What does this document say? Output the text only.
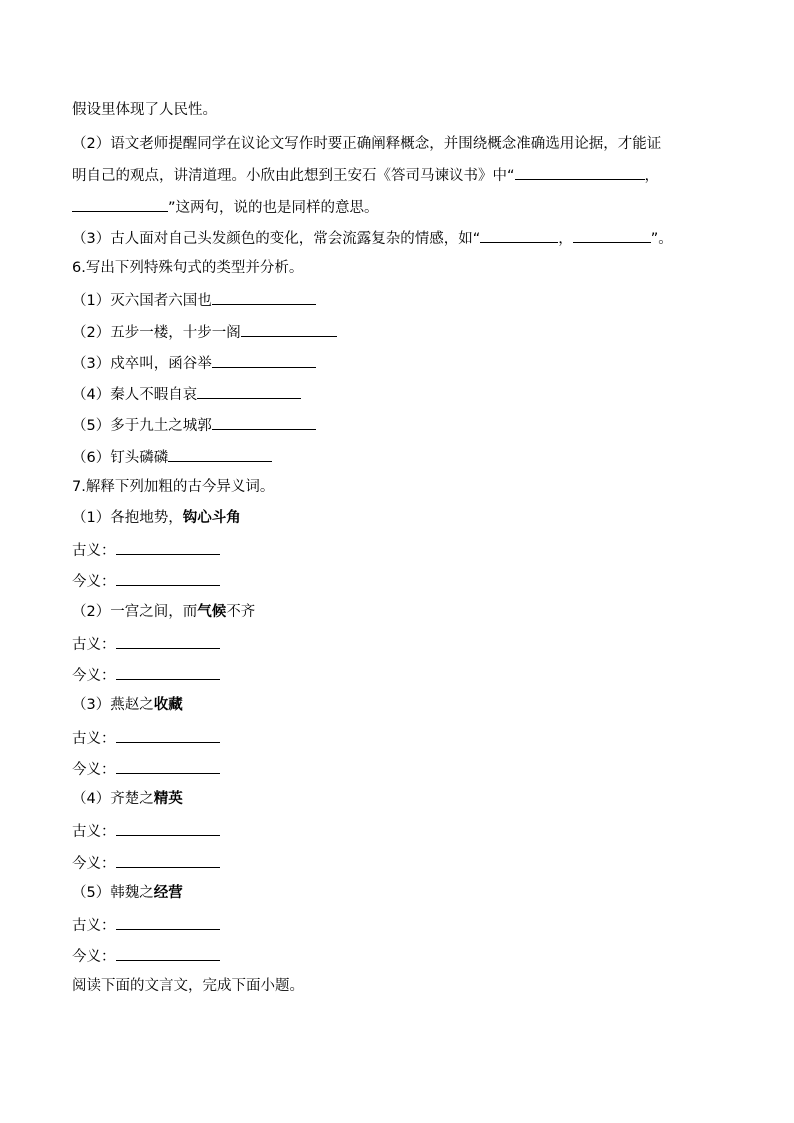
假设里体现了人民性。
（2）语文老师提醒同学在议论文写作时要正确阐释概念，并围绕概念准确选用论据，才能证
明自己的观点，讲清道理。小欣由此想到王安石《答司马谏议书》中“	，
”这两句，说的也是同样的意思。
（3）古人面对自己头发颜色的变化，常会流露复杂的情感，如“	，	”。
6.写出下列特殊句式的类型并分析。
（1）灭六国者六国也
（2）五步一楼，十步一阁
（3）戍卒叫，函谷举
（4）秦人不暇自哀
（5）多于九土之城郭
（6）钉头磷磷
7.解释下列加粗的古今异义词。
（1）各抱地势，钩心斗角
古义：
今义：
（2）一宫之间，而气候不齐
古义：
今义：
（3）燕赵之收藏
古义：
今义：
（4）齐楚之精英
古义：
今义：
（5）韩魏之经营
古义：
今义：
阅读下面的文言文，完成下面小题。
